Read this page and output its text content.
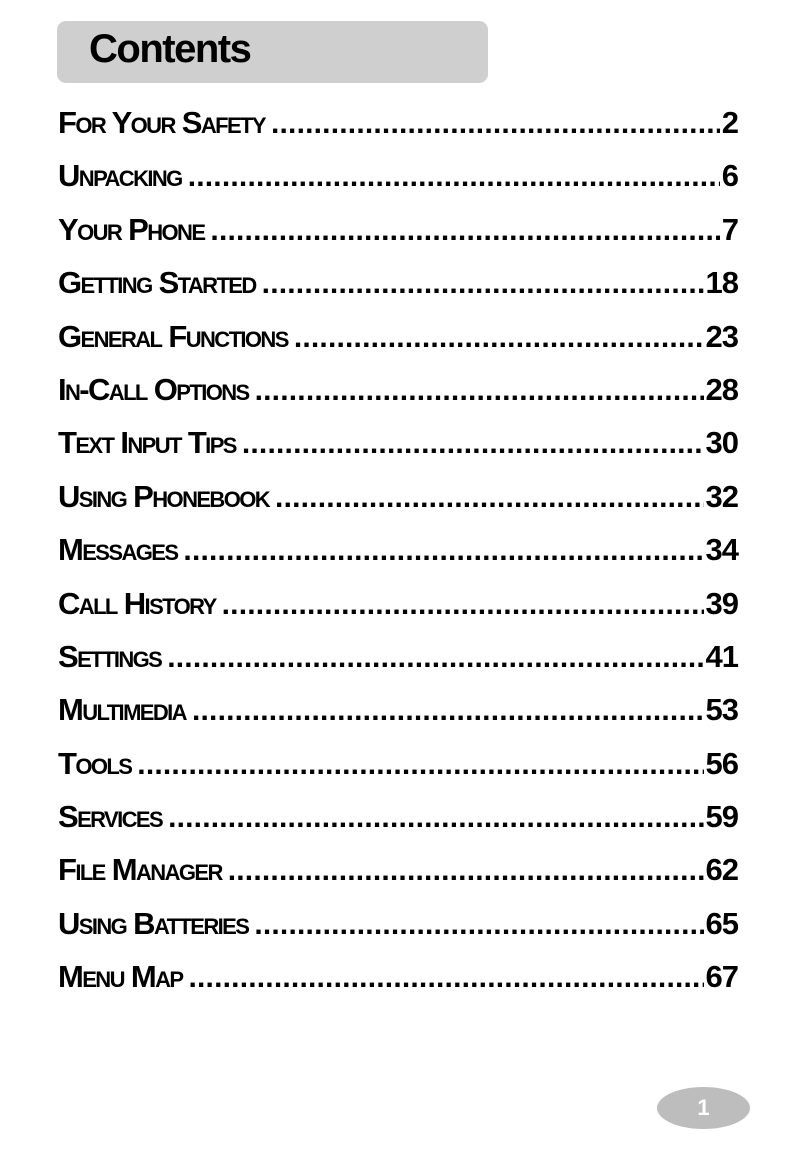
Contents
For Your Safety .....	2
Unpacking .....	6
Your Phone .....	7
Getting Started .....	18
General Functions .....	23
In-Call Options .....	28
Text Input Tips .....	30
Using Phonebook .....	32
Messages .....	34
Call History .....	39
Settings .....	41
Multimedia .....	53
Tools .....	56
Services .....	59
File Manager .....	62
Using Batteries .....	65
Menu Map .....	67
1
